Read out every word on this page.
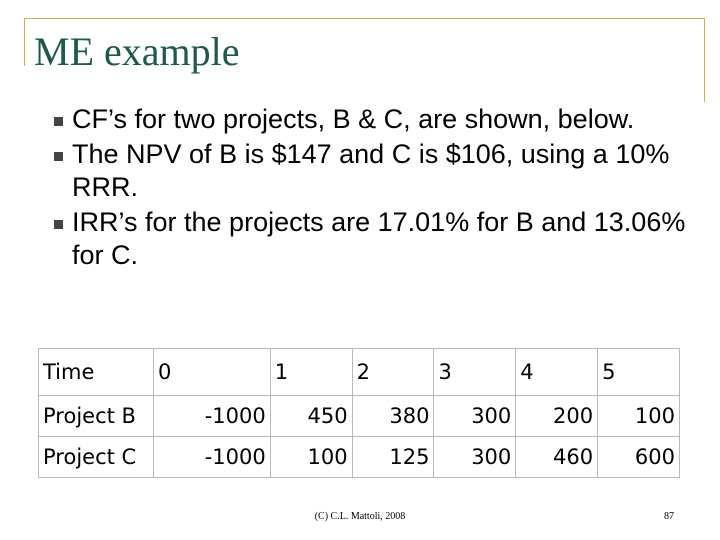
ME example
CF’s for two projects, B & C, are shown, below.
The NPV of B is $147 and C is $106, using a 10% RRR.
IRR’s for the projects are 17.01% for B and 13.06% for C.
Time	0	1	2	3	4	5
Project B	-1000	450	380	300	200	100
Project C	-1000	100	125	300	460	600
(C) C.L. Mattoli, 2008	87
